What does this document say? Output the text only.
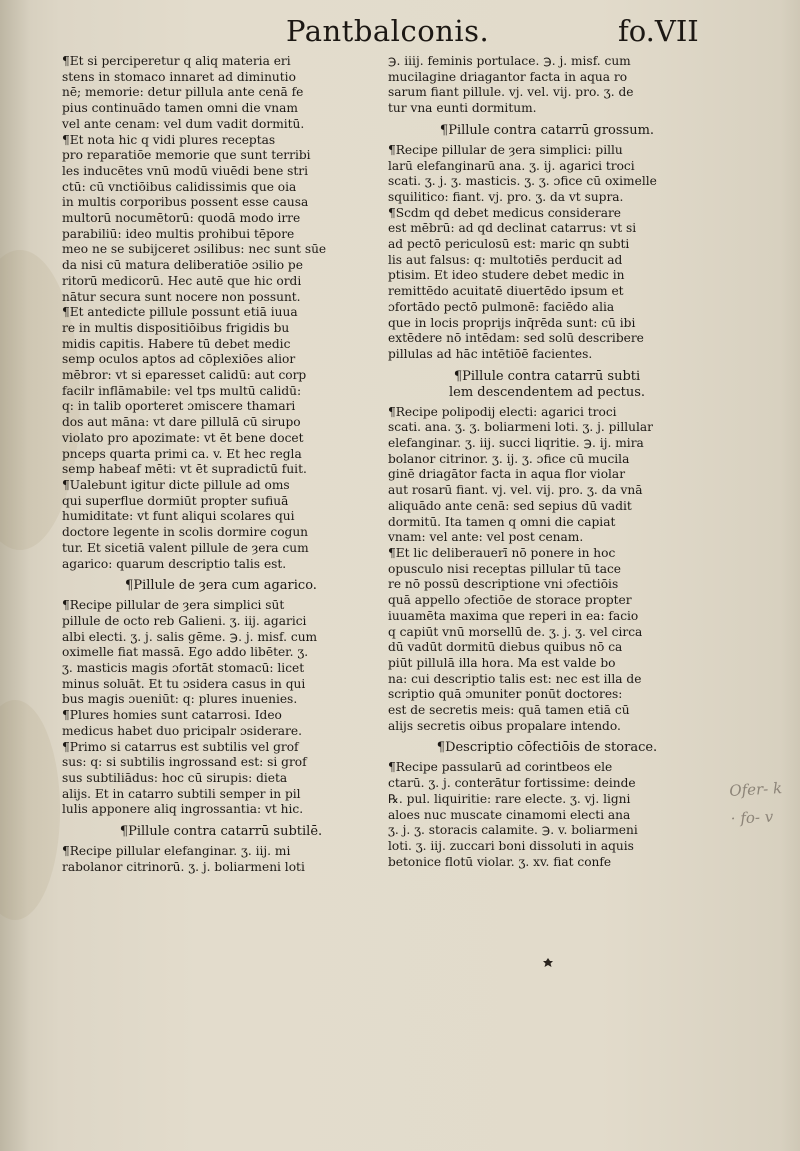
Pantbalconis.	fo.VII

¶Et si perciperetur q aliq materia eri
stens in stomaco innaret ad diminutio
nē; memorie: detur pillula ante cenā fe
pius continuādo tamen omni die vnam
vel ante cenam: vel dum vadit dormitū.

¶Et nota hic q vidi plures receptas
pro reparatiōe memorie que sunt terribi
les inducētes vnū modū viuēdi bene stri
ctū: cū vnctiōibus calidissimis que oia
in multis corporibus possent esse causa
multorū nocumētorū: quodā modo irre
parabiliū: ideo multis prohibui tēpore
meo ne se subijceret ɔsilibus: nec sunt sūe
da nisi cū matura deliberatiōe ɔsilio pe
ritorū medicorū. Hec autē que hic ordi
nātur secura sunt nocere non possunt.

¶Et antedicte pillule possunt etiā iuua
re in multis dispositiōibus frigidis bu
midis capitis. Habere tū debet medic
semp oculos aptos ad cōplexiōes alior
mēbror: vt si eparesset calidū: aut corp
facilr inflāmabile: vel tps multū calidū:
q: in talib oporteret ɔmiscere thamari
dos aut māna: vt dare pillulā cū sirupo
violato pro apozimate: vt ēt bene docet
pnceps quarta primi ca. v. Et hec regla
semp habeaf mēti: vt ēt supradictū fuit.

¶Ualebunt igitur dicte pillule ad oms
qui superflue dormiūt propter sufiuā
humiditate: vt funt aliqui scolares qui
doctore legente in scolis dormire cogun
tur. Et sicetiā valent pillule de ȝera cum
agarico: quarum descriptio talis est.

¶Pillule de ȝera cum agarico.

¶Recipe pillular de ȝera simplici sūt
pillule de octo reb Galieni. ʒ. iij. agarici
albi electi. ʒ. j. salis gēme. ℈. j. misf. cum
oximelle fiat massā. Ego addo libēter. ʒ.
ʒ. masticis magis ɔfortāt stomacū: licet
minus soluāt. Et tu ɔsidera casus in qui
bus magis ɔueniūt: q: plures inuenies.

¶Plures homies sunt catarrosi. Ideo
medicus habet duo pricipalr ɔsiderare.

¶Primo si catarrus est subtilis vel grof
sus: q: si subtilis ingrossand est: si grof
sus subtiliādus: hoc cū sirupis: dieta
alijs. Et in catarro subtili semper in pil
lulis apponere aliq ingrossantia: vt hic.

¶Pillule contra catarrū subtilē.

¶Recipe pillular elefanginar. ʒ. iij. mi
rabolanor citrinorū. ʒ. j. boliarmeni loti

℈. iiij. feminis portulace. ℈. j. misf. cum
mucilagine driagantor facta in aqua ro
sarum fiant pillule. vj. vel. vij. pro. ʒ. de
tur vna eunti dormitum.

¶Pillule contra catarrū grossum.

¶Recipe pillular de ȝera simplici: pillu
larū elefanginarū ana. ʒ. ij. agarici troci
scati. ʒ. j. ʒ. masticis. ʒ. ʒ. ɔfice cū oximelle
squilitico: fiant. vj. pro. ʒ. da vt supra.

¶Scdm qd debet medicus considerare
est mēbrū: ad qd declinat catarrus: vt si
ad pectō periculosū est: maric qn subti
lis aut falsus: q: multotiēs perducit ad
ptisim. Et ideo studere debet medic in
remittēdo acuitatē diuertēdo ipsum et
ɔfortādo pectō pulmonē: faciēdo alia
que in locis proprijs inq̄rēda sunt: cū ibi
extēdere nō intēdam: sed solū describere
pillulas ad hāc intētiōē facientes.

¶Pillule contra catarrū subti
lem descendentem ad pectus.

¶Recipe polipodij electi: agarici troci
scati. ana. ʒ. ʒ. boliarmeni loti. ʒ. j. pillular
elefanginar. ʒ. iij. succi liqritie. ℈. ij. mira
bolanor citrinor. ʒ. ij. ʒ. ɔfice cū mucila
ginē driagātor facta in aqua flor violar
aut rosarū fiant. vj. vel. vij. pro. ʒ. da vnā
aliquādo ante cenā: sed sepius dū vadit
dormitū. Ita tamen q omni die capiat
vnam: vel ante: vel post cenam.

¶Et lic deliberauerī nō ponere in hoc
opusculo nisi receptas pillular tū tace
re nō possū descriptione vni ɔfectiōis
quā appello ɔfectiōe de storace propter
iuuamēta maxima que reperi in ea: facio
q capiūt vnū morsellū de. ʒ. j. ʒ. vel circa
dū vadūt dormitū diebus quibus nō ca
piūt pillulā illa hora. Ma est valde bo
na: cui descriptio talis est: nec est illa de
scriptio quā ɔmuniter ponūt doctores:
est de secretis meis: quā tamen etiā cū
alijs secretis oibus propalare intendo.

¶Descriptio cōfectiōis de storace.

¶Recipe passularū ad corintbeos ele
ctarū. ʒ. j. conterātur fortissime: deinde
℞. pul. liquiritie: rare electe. ʒ. vj. ligni
aloes nuc muscate cinamomi electi ana
ʒ. j. ʒ. storacis calamite. ℈. v. boliarmeni
loti. ʒ. iij. zuccari boni dissoluti in aquis
betonice flotū violar. ʒ. xv. fiat confe

Ofer- k
· fo- v
